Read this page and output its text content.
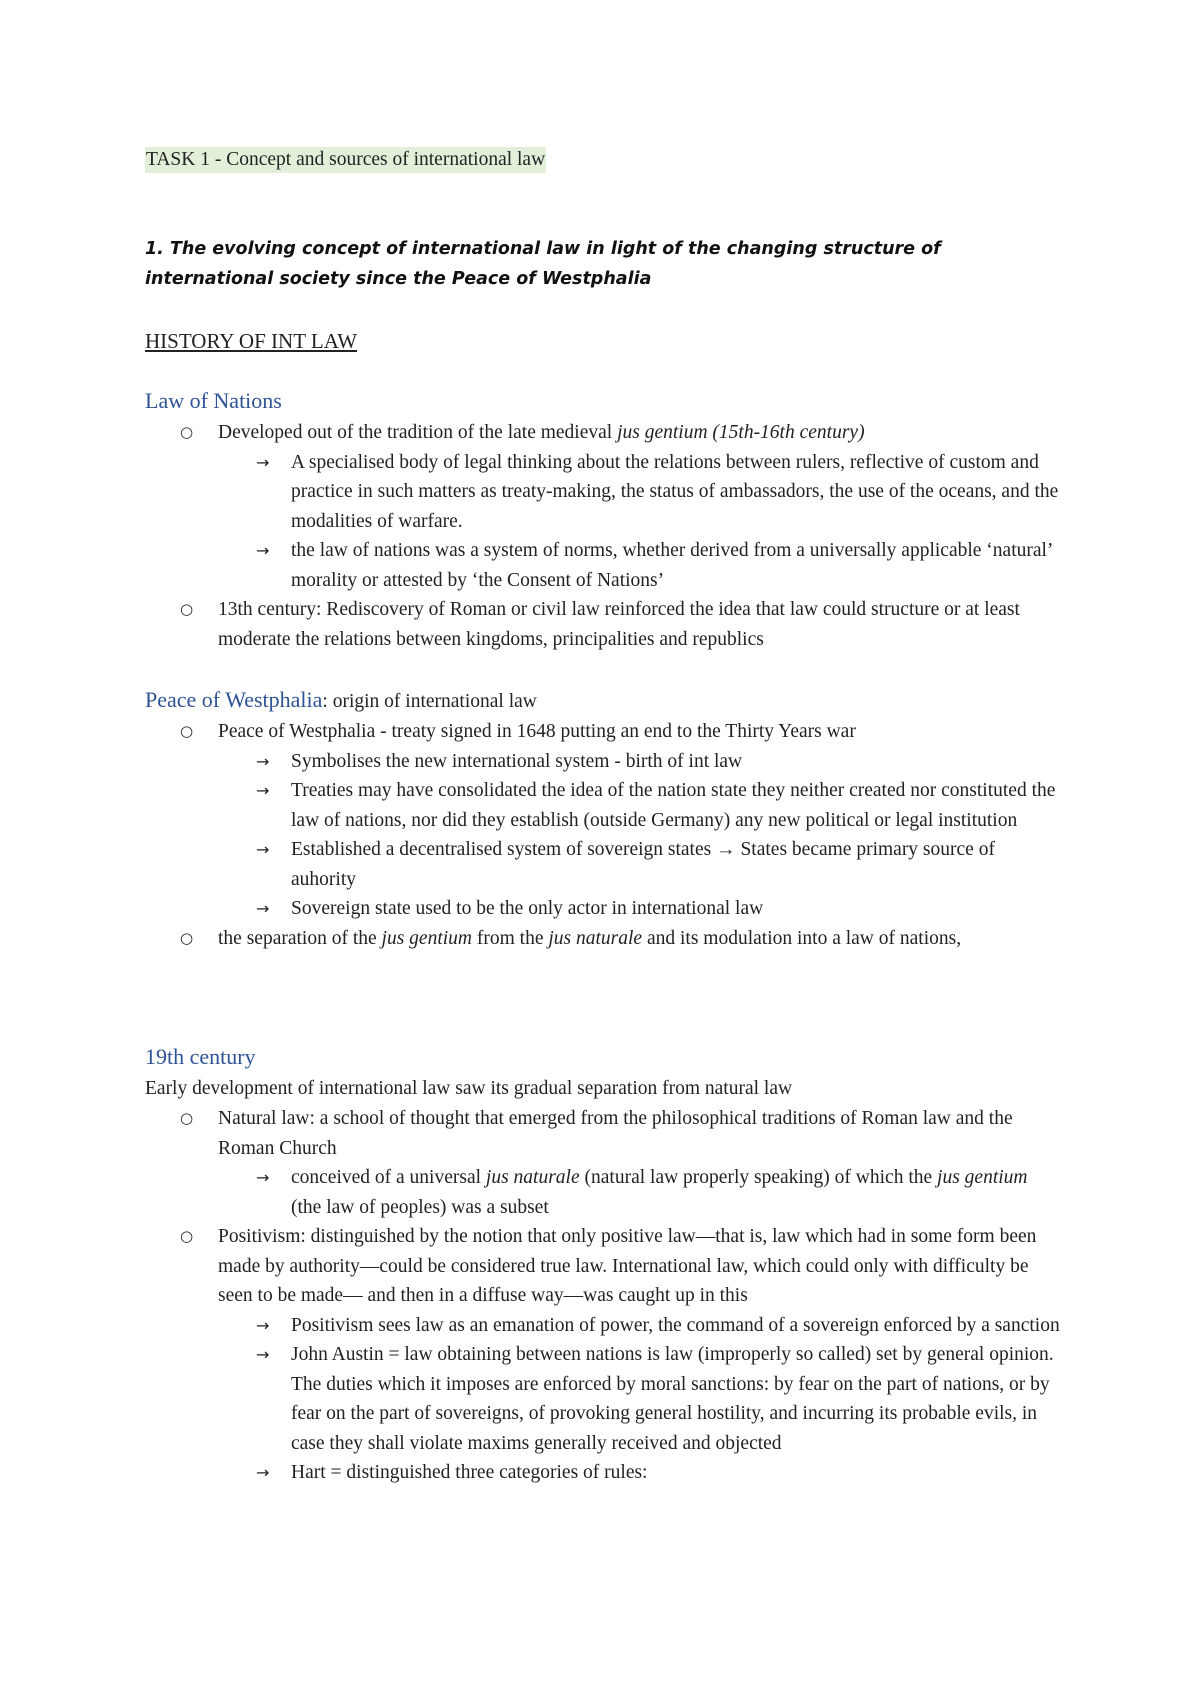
TASK 1 - Concept and sources of international law

1. The evolving concept of international law in light of the changing structure of international society since the Peace of Westphalia

HISTORY OF INT LAW

Law of Nations

○ Developed out of the tradition of the late medieval jus gentium (15th-16th century)
→ A specialised body of legal thinking about the relations between rulers, reflective of custom and practice in such matters as treaty-making, the status of ambassadors, the use of the oceans, and the modalities of warfare.
→ the law of nations was a system of norms, whether derived from a universally applicable ‘natural’ morality or attested by ‘the Consent of Nations’
○ 13th century: Rediscovery of Roman or civil law reinforced the idea that law could structure or at least moderate the relations between kingdoms, principalities and republics

Peace of Westphalia: origin of international law

○ Peace of Westphalia - treaty signed in 1648 putting an end to the Thirty Years war
→ Symbolises the new international system - birth of int law
→ Treaties may have consolidated the idea of the nation state they neither created nor constituted the law of nations, nor did they establish (outside Germany) any new political or legal institution
→ Established a decentralised system of sovereign states → States became primary source of auhority
→ Sovereign state used to be the only actor in international law
○ the separation of the jus gentium from the jus naturale and its modulation into a law of nations,

19th century

Early development of international law saw its gradual separation from natural law

○ Natural law: a school of thought that emerged from the philosophical traditions of Roman law and the Roman Church
→ conceived of a universal jus naturale (natural law properly speaking) of which the jus gentium (the law of peoples) was a subset
○ Positivism: distinguished by the notion that only positive law—that is, law which had in some form been made by authority—could be considered true law. International law, which could only with difficulty be seen to be made— and then in a diffuse way—was caught up in this
→ Positivism sees law as an emanation of power, the command of a sovereign enforced by a sanction
→ John Austin = law obtaining between nations is law (improperly so called) set by general opinion. The duties which it imposes are enforced by moral sanctions: by fear on the part of nations, or by fear on the part of sovereigns, of provoking general hostility, and incurring its probable evils, in case they shall violate maxims generally received and objected
→ Hart = distinguished three categories of rules:
